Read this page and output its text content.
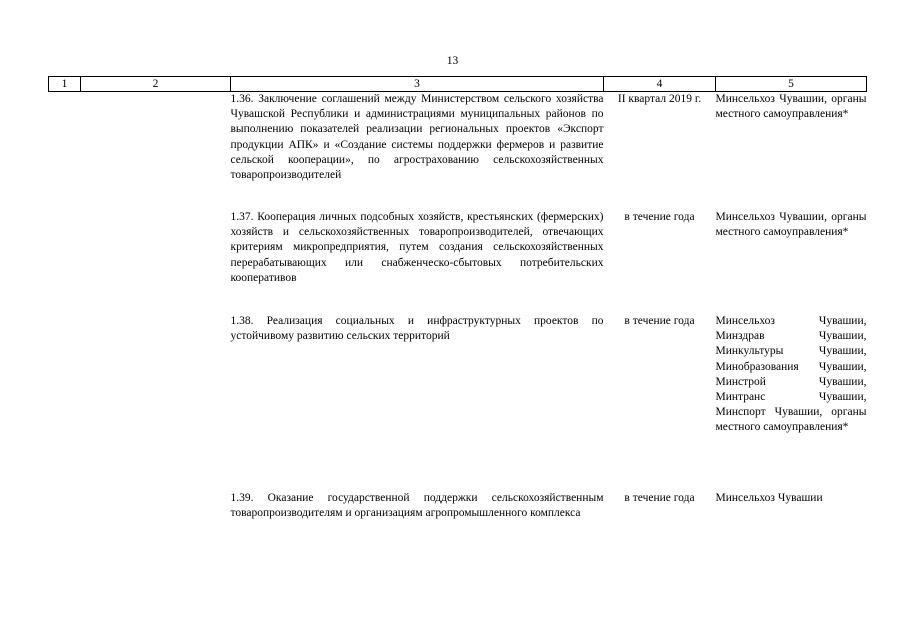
13
1	2	3	4	5
		1.36. Заключение соглашений между Министерством сельского хозяйства Чувашской Республики и администрациями муниципальных районов по выполнению показателей реализации региональных проектов «Экспорт продукции АПК» и «Создание системы поддержки фермеров и развитие сельской кооперации», по агрострахованию сельскохозяйственных товаропроизводителей	II квартал 2019 г.	Минсельхоз Чувашии, органы местного самоуправления*
		1.37. Кооперация личных подсобных хозяйств, крестьянских (фермерских) хозяйств и сельскохозяйственных товаропроизводителей, отвечающих критериям микропредприятия, путем создания сельскохозяйственных перерабатывающих или снабженческо-сбытовых потребительских кооперативов	в течение года	Минсельхоз Чувашии, органы местного самоуправления*
		1.38. Реализация социальных и инфраструктурных проектов по устойчивому развитию сельских территорий	в течение года	Минсельхоз Чувашии, Минздрав Чувашии, Минкультуры Чувашии, Минобразования Чувашии, Минстрой Чувашии, Минтранс Чувашии, Минспорт Чувашии, органы местного самоуправления*
		1.39. Оказание государственной поддержки сельскохозяйственным товаропроизводителям и организациям агропромышленного комплекса	в течение года	Минсельхоз Чувашии
